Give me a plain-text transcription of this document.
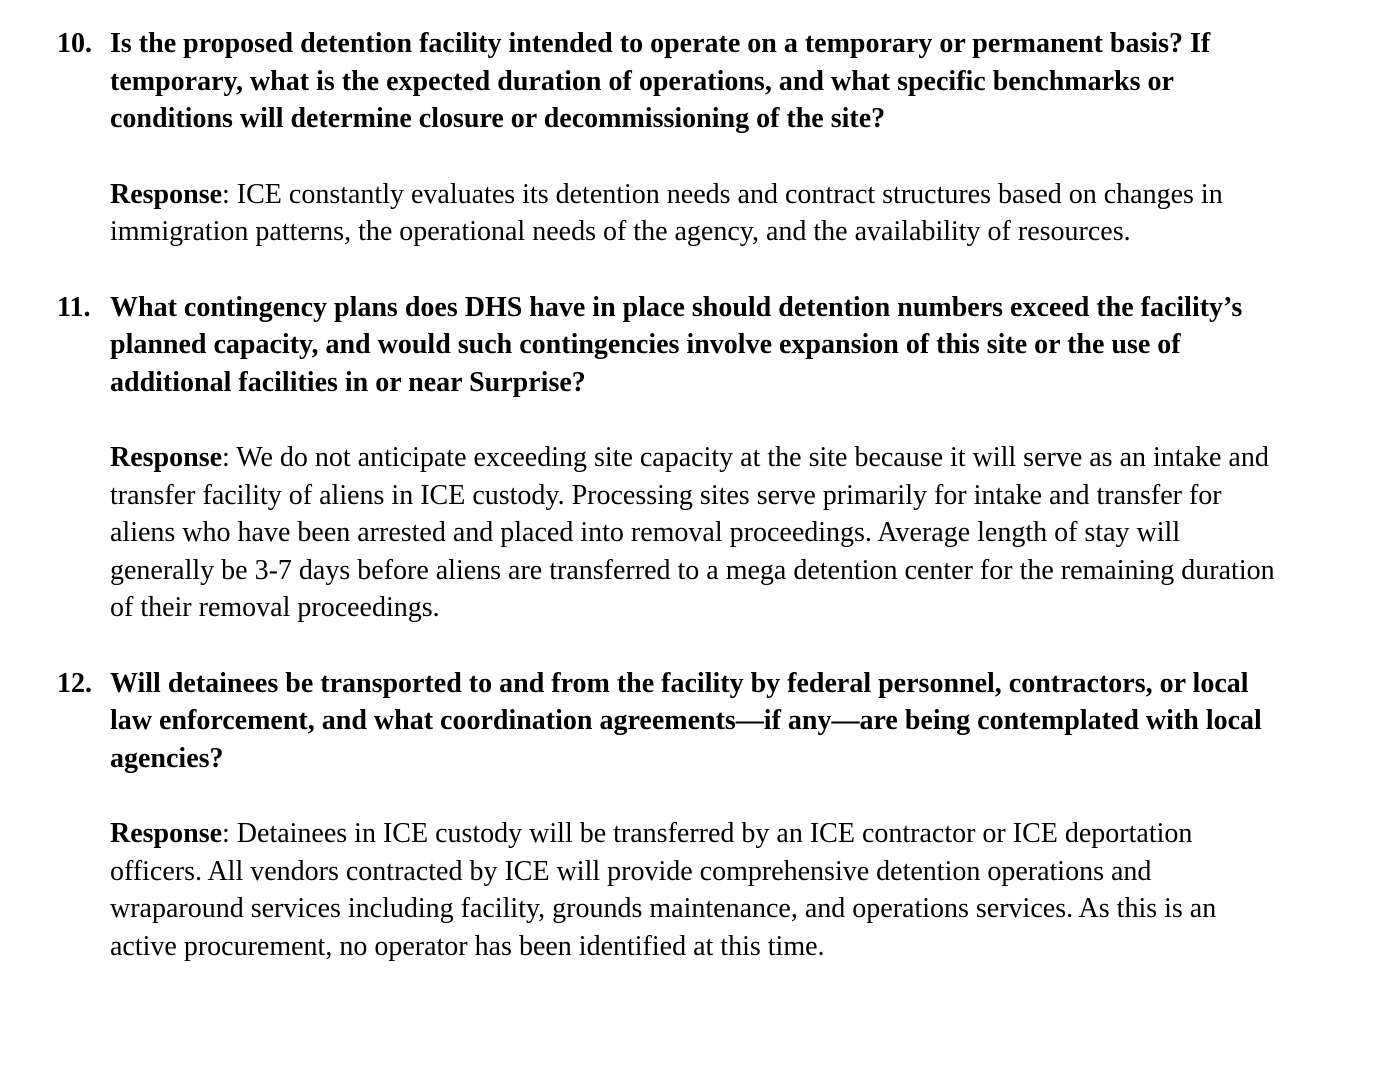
10. Is the proposed detention facility intended to operate on a temporary or permanent basis? If temporary, what is the expected duration of operations, and what specific benchmarks or conditions will determine closure or decommissioning of the site?

Response: ICE constantly evaluates its detention needs and contract structures based on changes in immigration patterns, the operational needs of the agency, and the availability of resources.

11. What contingency plans does DHS have in place should detention numbers exceed the facility’s planned capacity, and would such contingencies involve expansion of this site or the use of additional facilities in or near Surprise?

Response: We do not anticipate exceeding site capacity at the site because it will serve as an intake and transfer facility of aliens in ICE custody. Processing sites serve primarily for intake and transfer for aliens who have been arrested and placed into removal proceedings. Average length of stay will generally be 3-7 days before aliens are transferred to a mega detention center for the remaining duration of their removal proceedings.

12. Will detainees be transported to and from the facility by federal personnel, contractors, or local law enforcement, and what coordination agreements—if any—are being contemplated with local agencies?

Response: Detainees in ICE custody will be transferred by an ICE contractor or ICE deportation officers. All vendors contracted by ICE will provide comprehensive detention operations and wraparound services including facility, grounds maintenance, and operations services. As this is an active procurement, no operator has been identified at this time.
